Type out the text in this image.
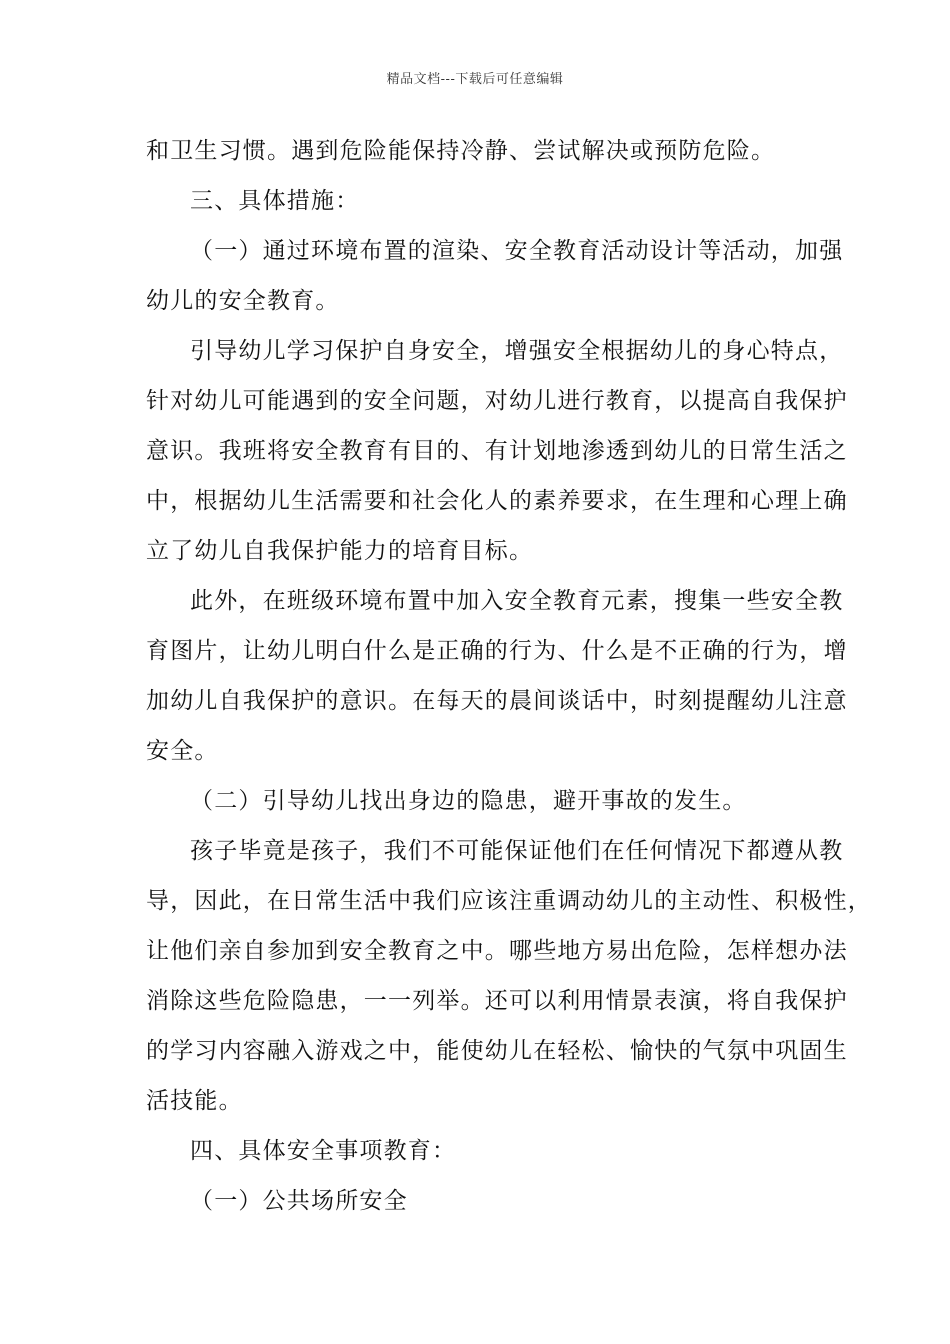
精品文档---下载后可任意编辑
和卫生习惯。遇到危险能保持冷静、尝试解决或预防危险。
三、具体措施：
（一）通过环境布置的渲染、安全教育活动设计等活动，加强
幼儿的安全教育。
引导幼儿学习保护自身安全，增强安全根据幼儿的身心特点，
针对幼儿可能遇到的安全问题，对幼儿进行教育，以提高自我保护
意识。我班将安全教育有目的、有计划地渗透到幼儿的日常生活之
中，根据幼儿生活需要和社会化人的素养要求，在生理和心理上确
立了幼儿自我保护能力的培育目标。
此外，在班级环境布置中加入安全教育元素，搜集一些安全教
育图片，让幼儿明白什么是正确的行为、什么是不正确的行为，增
加幼儿自我保护的意识。在每天的晨间谈话中，时刻提醒幼儿注意
安全。
（二）引导幼儿找出身边的隐患，避开事故的发生。
孩子毕竟是孩子，我们不可能保证他们在任何情况下都遵从教
导，因此，在日常生活中我们应该注重调动幼儿的主动性、积极性，
让他们亲自参加到安全教育之中。哪些地方易出危险，怎样想办法
消除这些危险隐患，一一列举。还可以利用情景表演，将自我保护
的学习内容融入游戏之中，能使幼儿在轻松、愉快的气氛中巩固生
活技能。
四、具体安全事项教育：
（一）公共场所安全
